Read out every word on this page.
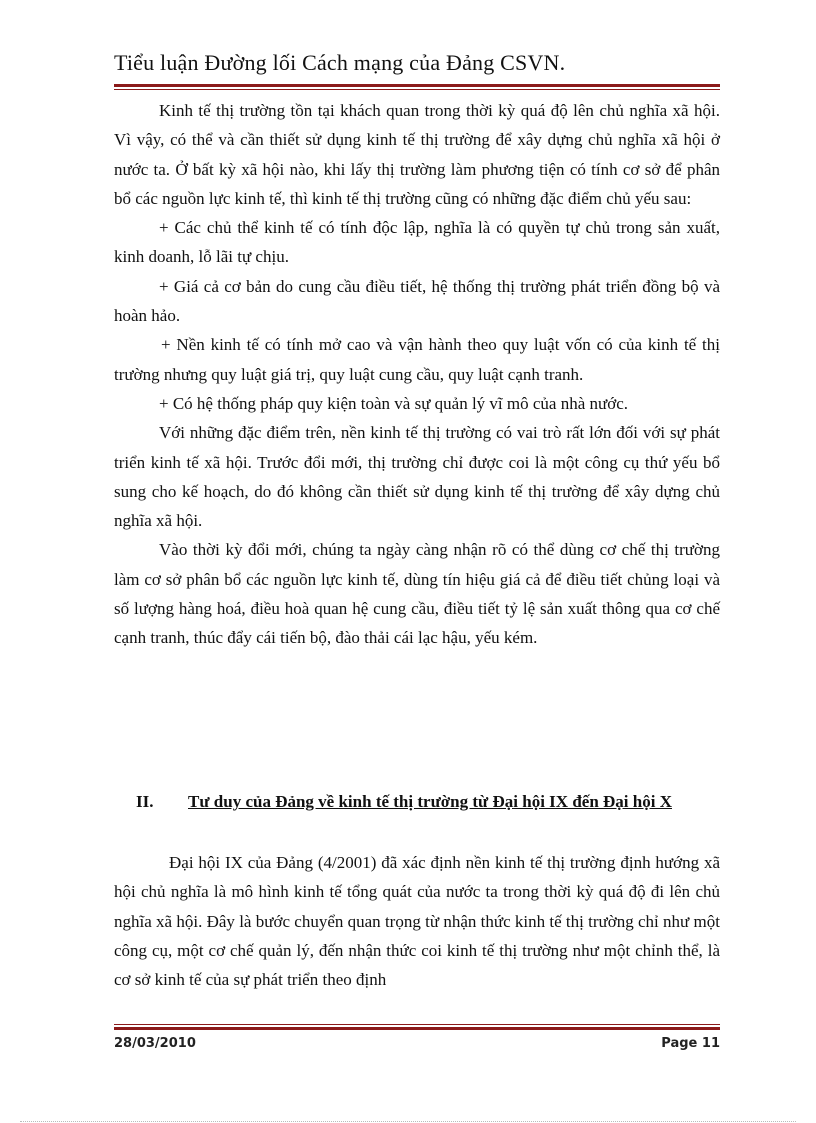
Tiểu luận Đường lối Cách mạng của Đảng CSVN.

Kinh tế thị trường tồn tại khách quan trong thời kỳ quá độ lên chủ nghĩa xã hội. Vì vậy, có thể và cần thiết sử dụng kinh tế thị trường để xây dựng chủ nghĩa xã hội ở nước ta. Ở bất kỳ xã hội nào, khi lấy thị trường làm phương tiện có tính cơ sở để phân bổ các nguồn lực kinh tế, thì kinh tế thị trường cũng có những đặc điểm chủ yếu sau:

+ Các chủ thể kinh tế có tính độc lập, nghĩa là có quyền tự chủ trong sản xuất, kinh doanh, lỗ lãi tự chịu.

+ Giá cả cơ bản do cung cầu điều tiết, hệ thống thị trường phát triển đồng bộ và hoàn hảo.

+ Nền kinh tế có tính mở cao và vận hành theo quy luật vốn có của kinh tế thị trường nhưng quy luật giá trị, quy luật cung cầu, quy luật cạnh tranh.

+ Có hệ thống pháp quy kiện toàn và sự quản lý vĩ mô của nhà nước.

Với những đặc điểm trên, nền kinh tế thị trường có vai trò rất lớn đối với sự phát triển kinh tế xã hội. Trước đổi mới, thị trường chỉ được coi là một công cụ thứ yếu bổ sung cho kế hoạch, do đó không cần thiết sử dụng kinh tế thị trường để xây dựng chủ nghĩa xã hội.

Vào thời kỳ đổi mới, chúng ta ngày càng nhận rõ có thể dùng cơ chế thị trường làm cơ sở phân bổ các nguồn lực kinh tế, dùng tín hiệu giá cả để điều tiết chủng loại và số lượng hàng hoá, điều hoà quan hệ cung cầu, điều tiết tỷ lệ sản xuất thông qua cơ chế cạnh tranh, thúc đẩy cái tiến bộ, đào thải cái lạc hậu, yếu kém.

II. Tư duy của Đảng về kinh tế thị trường từ Đại hội IX đến Đại hội X

Đại hội IX của Đảng (4/2001) đã xác định nền kinh tế thị trường định hướng xã hội chủ nghĩa là mô hình kinh tế tổng quát của nước ta trong thời kỳ quá độ đi lên chủ nghĩa xã hội. Đây là bước chuyển quan trọng từ nhận thức kinh tế thị trường chỉ như một công cụ, một cơ chế quản lý, đến nhận thức coi kinh tế thị trường như một chỉnh thể, là cơ sở kinh tế của sự phát triển theo định

28/03/2010	Page 11
